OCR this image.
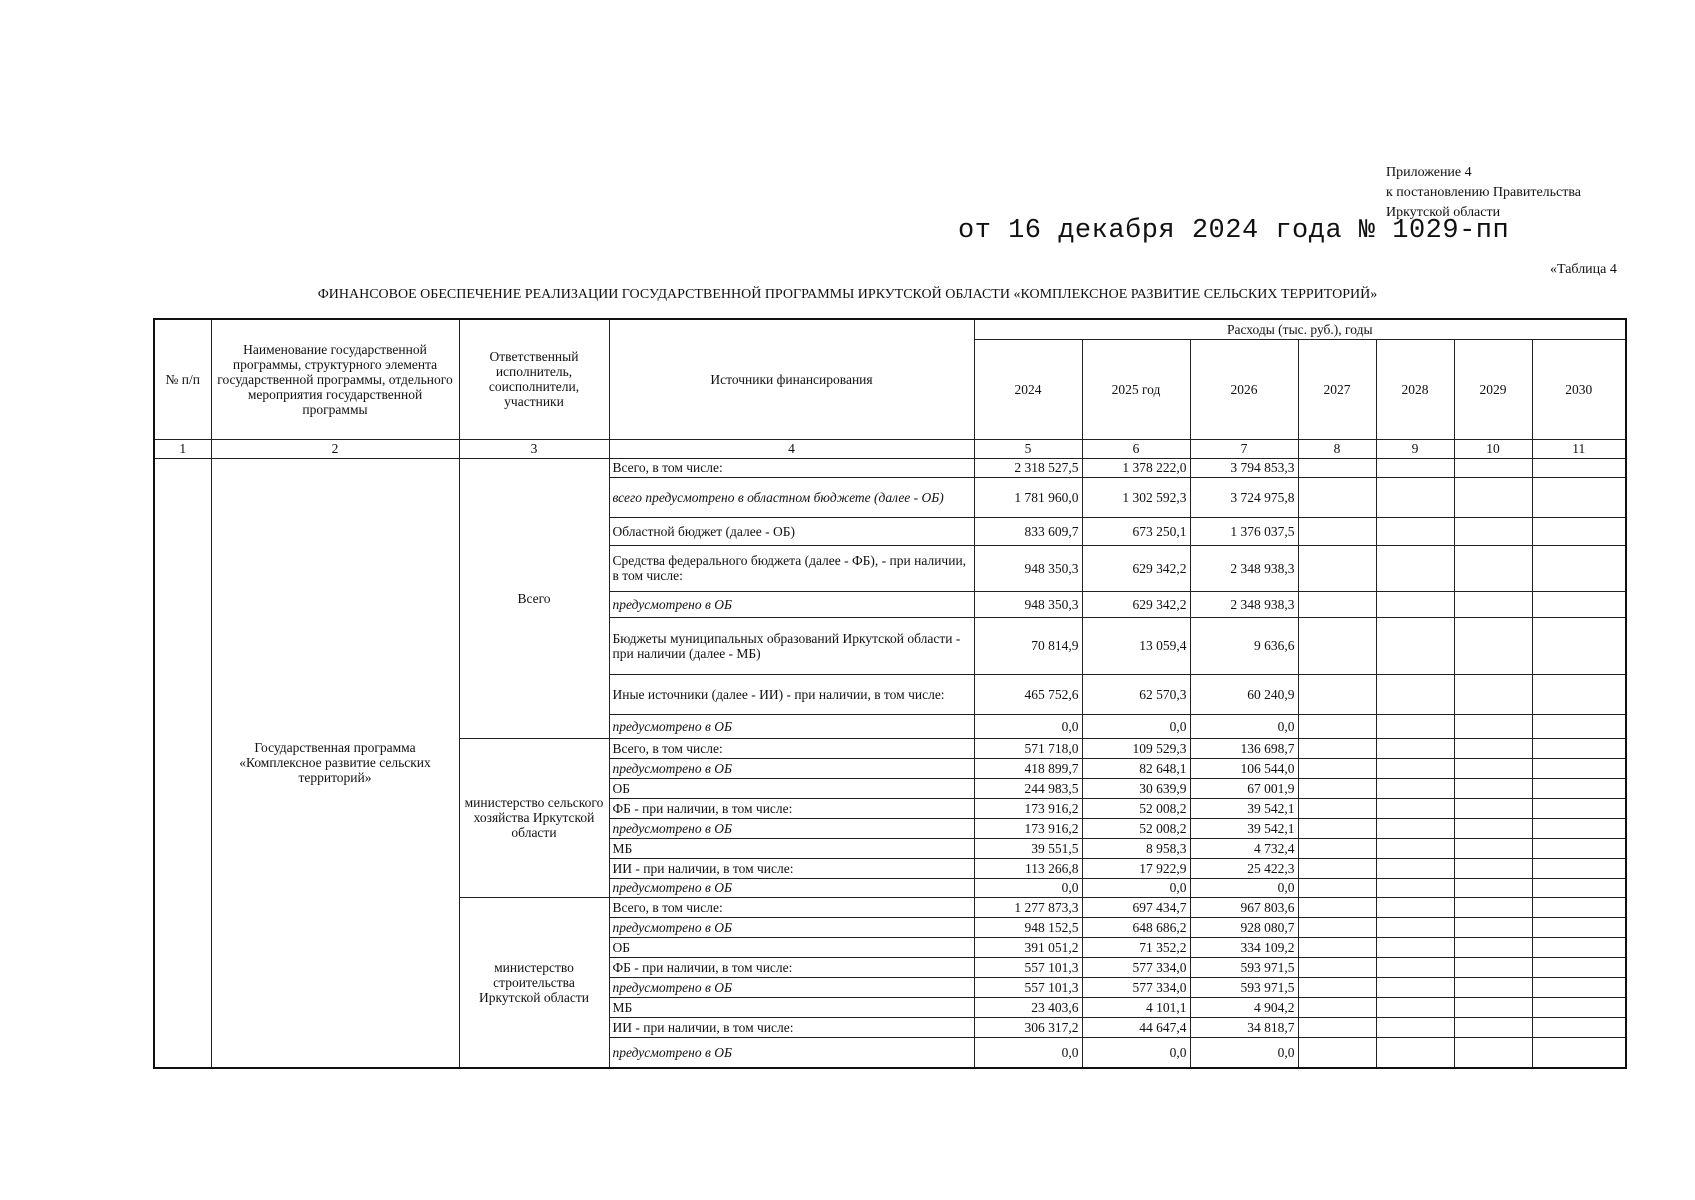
Приложение 4
к постановлению Правительства
Иркутской области
от 16 декабря 2024 года № 1029-пп
«Таблица 4
ФИНАНСОВОЕ ОБЕСПЕЧЕНИЕ РЕАЛИЗАЦИИ ГОСУДАРСТВЕННОЙ ПРОГРАММЫ ИРКУТСКОЙ ОБЛАСТИ «КОМПЛЕКСНОЕ РАЗВИТИЕ СЕЛЬСКИХ ТЕРРИТОРИЙ»
№ п/п	Наименование государственной программы, структурного элемента государственной программы, отдельного мероприятия государственной программы	Ответственный исполнитель, соисполнители, участники	Источники финансирования	Расходы (тыс. руб.), годы						
				2024	2025 год	2026	2027	2028	2029	2030
1	2	3	4	5	6	7	8	9	10	11
	Государственная программа «Комплексное развитие сельских территорий»	Всего	Всего, в том числе:	2 318 527,5	1 378 222,0	3 794 853,3				
			всего предусмотрено в областном бюджете (далее - ОБ)	1 781 960,0	1 302 592,3	3 724 975,8				
			Областной бюджет (далее - ОБ)	833 609,7	673 250,1	1 376 037,5				
			Средства федерального бюджета (далее - ФБ), - при наличии, в том числе:	948 350,3	629 342,2	2 348 938,3				
			предусмотрено в ОБ	948 350,3	629 342,2	2 348 938,3				
			Бюджеты муниципальных образований Иркутской области - при наличии (далее - МБ)	70 814,9	13 059,4	9 636,6				
			Иные источники (далее - ИИ) - при наличии, в том числе:	465 752,6	62 570,3	60 240,9				
			предусмотрено в ОБ	0,0	0,0	0,0				
		министерство сельского хозяйства Иркутской области	Всего, в том числе:	571 718,0	109 529,3	136 698,7				
			предусмотрено в ОБ	418 899,7	82 648,1	106 544,0				
			ОБ	244 983,5	30 639,9	67 001,9				
			ФБ - при наличии, в том числе:	173 916,2	52 008,2	39 542,1				
			предусмотрено в ОБ	173 916,2	52 008,2	39 542,1				
			МБ	39 551,5	8 958,3	4 732,4				
			ИИ - при наличии, в том числе:	113 266,8	17 922,9	25 422,3				
			предусмотрено в ОБ	0,0	0,0	0,0				
		министерство строительства Иркутской области	Всего, в том числе:	1 277 873,3	697 434,7	967 803,6				
			предусмотрено в ОБ	948 152,5	648 686,2	928 080,7				
			ОБ	391 051,2	71 352,2	334 109,2				
			ФБ - при наличии, в том числе:	557 101,3	577 334,0	593 971,5				
			предусмотрено в ОБ	557 101,3	577 334,0	593 971,5				
			МБ	23 403,6	4 101,1	4 904,2				
			ИИ - при наличии, в том числе:	306 317,2	44 647,4	34 818,7				
			предусмотрено в ОБ	0,0	0,0	0,0				
